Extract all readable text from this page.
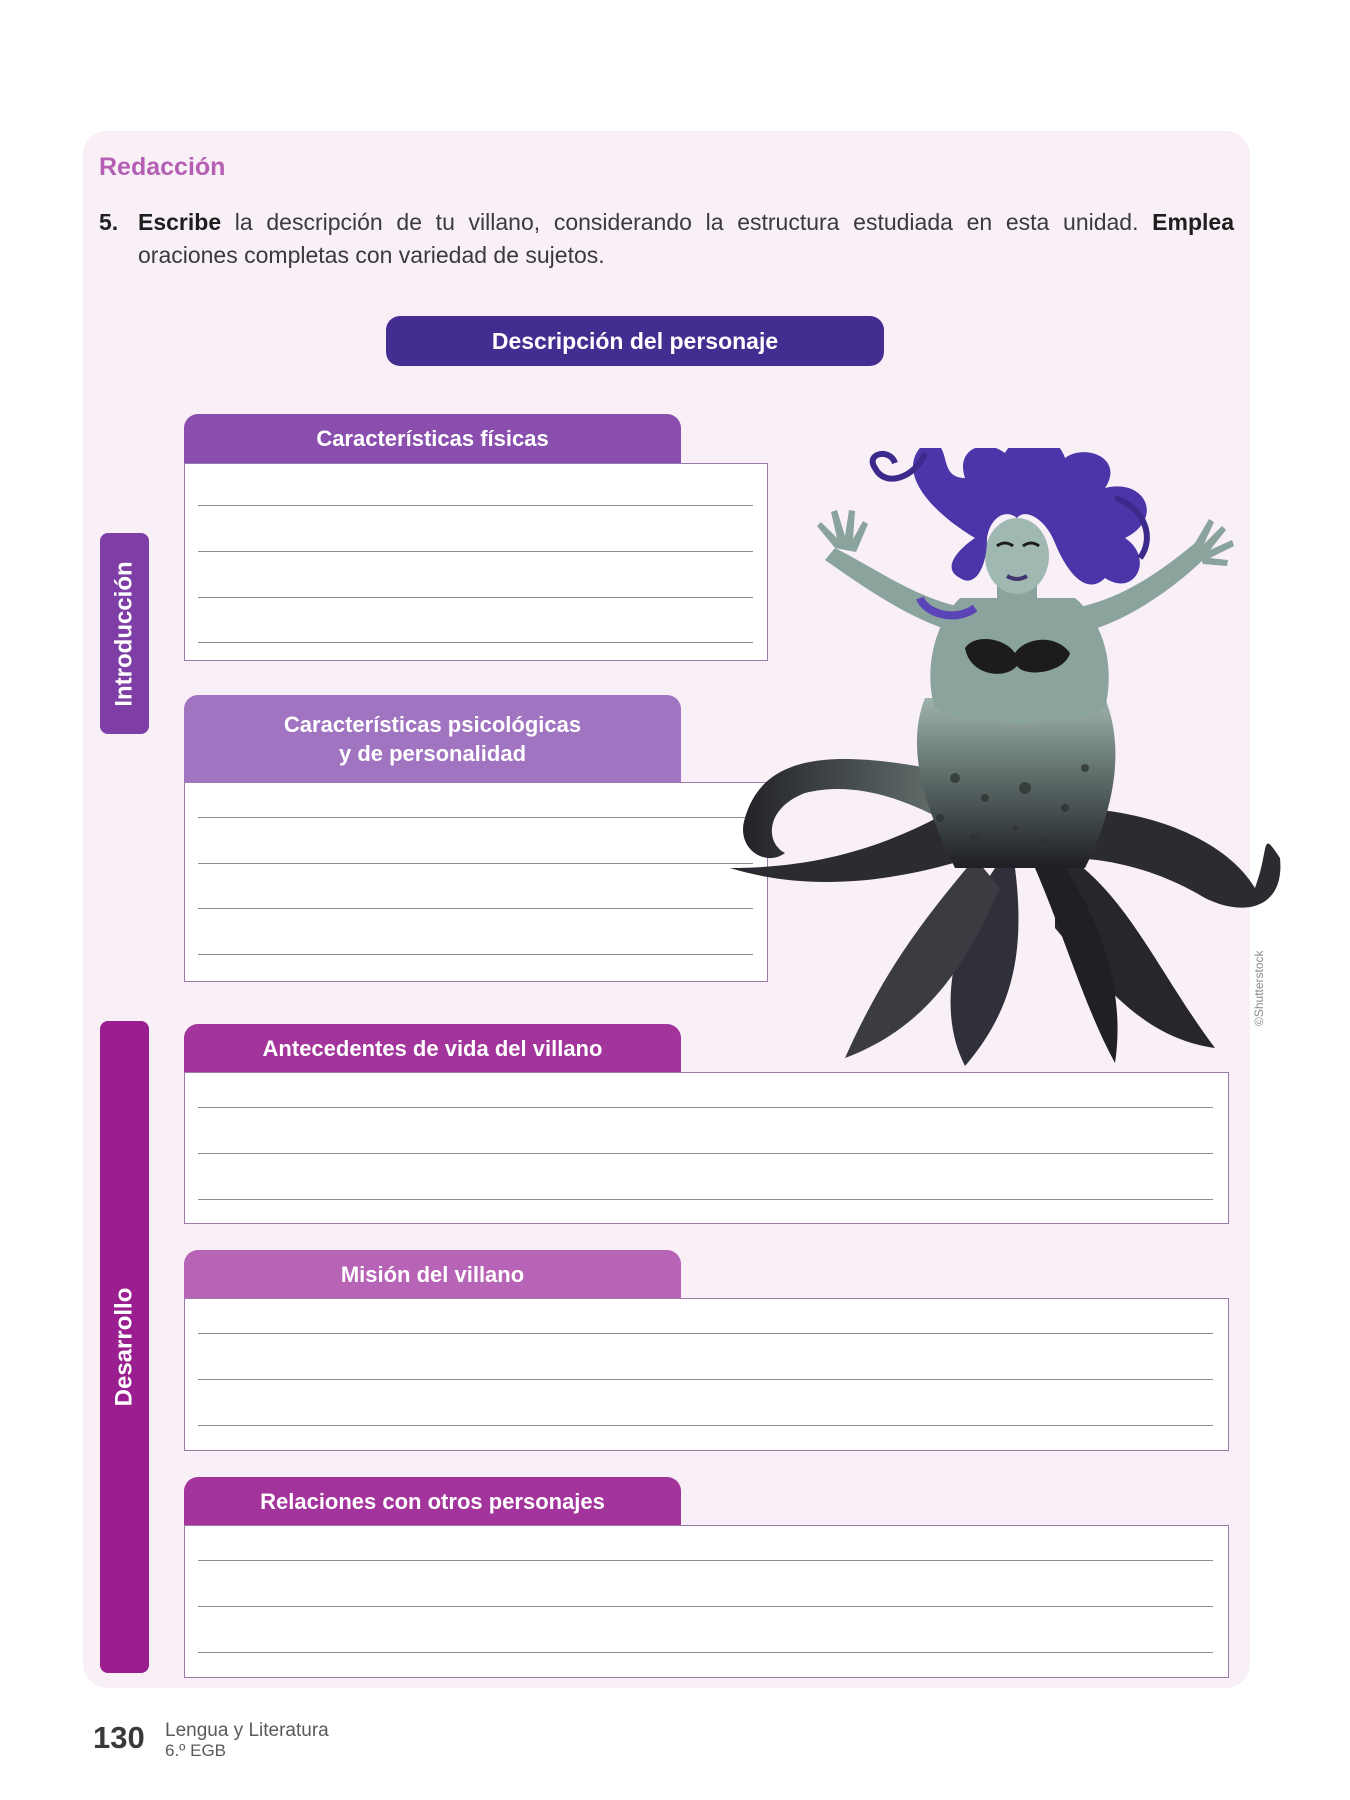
Redacción
5. Escribe la descripción de tu villano, considerando la estructura estudiada en esta unidad. Emplea oraciones completas con variedad de sujetos.
Descripción del personaje
Introducción
Desarrollo
Características físicas
Características psicológicas
y de personalidad
Antecedentes de vida del villano
Misión del villano
Relaciones con otros personajes
©Shutterstock
130 Lengua y Literatura
6.º EGB
